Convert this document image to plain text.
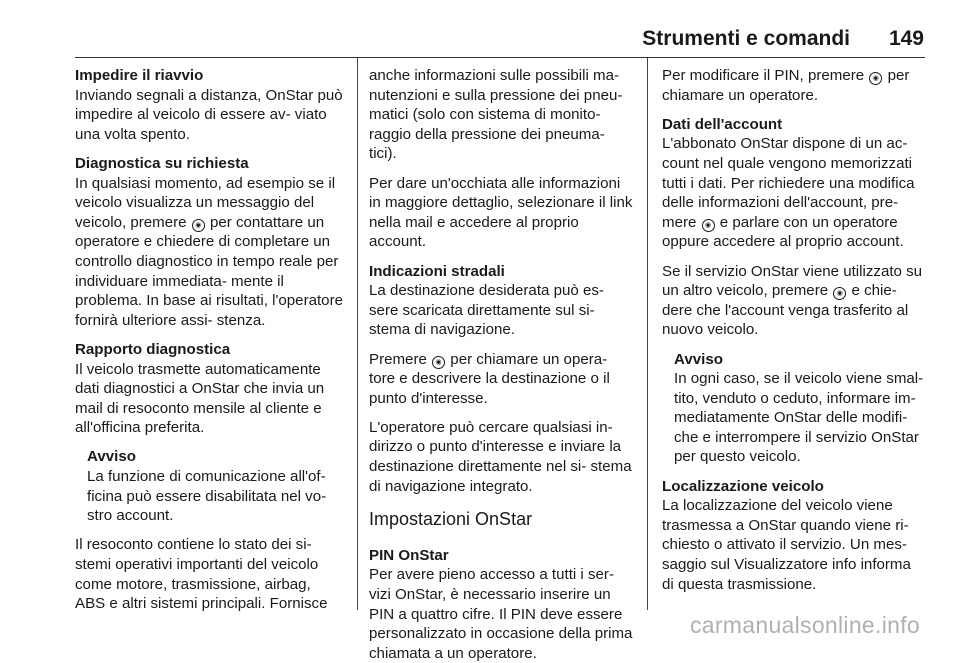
Strumenti e comandi 149

Impedire il riavvio

Inviando segnali a distanza, OnStar può impedire al veicolo di essere av- viato una volta spento.

Diagnostica su richiesta

In qualsiasi momento, ad esempio se il veicolo visualizza un messaggio del veicolo, premere ◉ per contattare un operatore e chiedere di completare un controllo diagnostico in tempo reale per individuare immediata- mente il problema. In base ai risultati, l'operatore fornirà ulteriore assi- stenza.

Rapporto diagnostica

Il veicolo trasmette automaticamente dati diagnostici a OnStar che invia un mail di resoconto mensile al cliente e all'officina preferita.

Avviso
La funzione di comunicazione all'of- ficina può essere disabilitata nel vo- stro account.

Il resoconto contiene lo stato dei si- stemi operativi importanti del veicolo come motore, trasmissione, airbag, ABS e altri sistemi principali. Fornisce

anche informazioni sulle possibili ma- nutenzioni e sulla pressione dei pneu- matici (solo con sistema di monito- raggio della pressione dei pneuma- tici).

Per dare un'occhiata alle informazioni in maggiore dettaglio, selezionare il link nella mail e accedere al proprio account.

Indicazioni stradali

La destinazione desiderata può es- sere scaricata direttamente sul si- stema di navigazione.

Premere ◉ per chiamare un opera- tore e descrivere la destinazione o il punto d'interesse.

L'operatore può cercare qualsiasi in- dirizzo o punto d'interesse e inviare la destinazione direttamente nel si- stema di navigazione integrato.

Impostazioni OnStar

PIN OnStar

Per avere pieno accesso a tutti i ser- vizi OnStar, è necessario inserire un PIN a quattro cifre. Il PIN deve essere personalizzato in occasione della prima chiamata a un operatore.

Per modificare il PIN, premere ◉ per chiamare un operatore.

Dati dell'account

L'abbonato OnStar dispone di un ac- count nel quale vengono memorizzati tutti i dati. Per richiedere una modifica delle informazioni dell'account, pre- mere ◉ e parlare con un operatore oppure accedere al proprio account.

Se il servizio OnStar viene utilizzato su un altro veicolo, premere ◉ e chie- dere che l'account venga trasferito al nuovo veicolo.

Avviso
In ogni caso, se il veicolo viene smal- tito, venduto o ceduto, informare im- mediatamente OnStar delle modifi- che e interrompere il servizio OnStar per questo veicolo.

Localizzazione veicolo

La localizzazione del veicolo viene trasmessa a OnStar quando viene ri- chiesto o attivato il servizio. Un mes- saggio sul Visualizzatore info informa di questa trasmissione.

carmanualsonline.info
